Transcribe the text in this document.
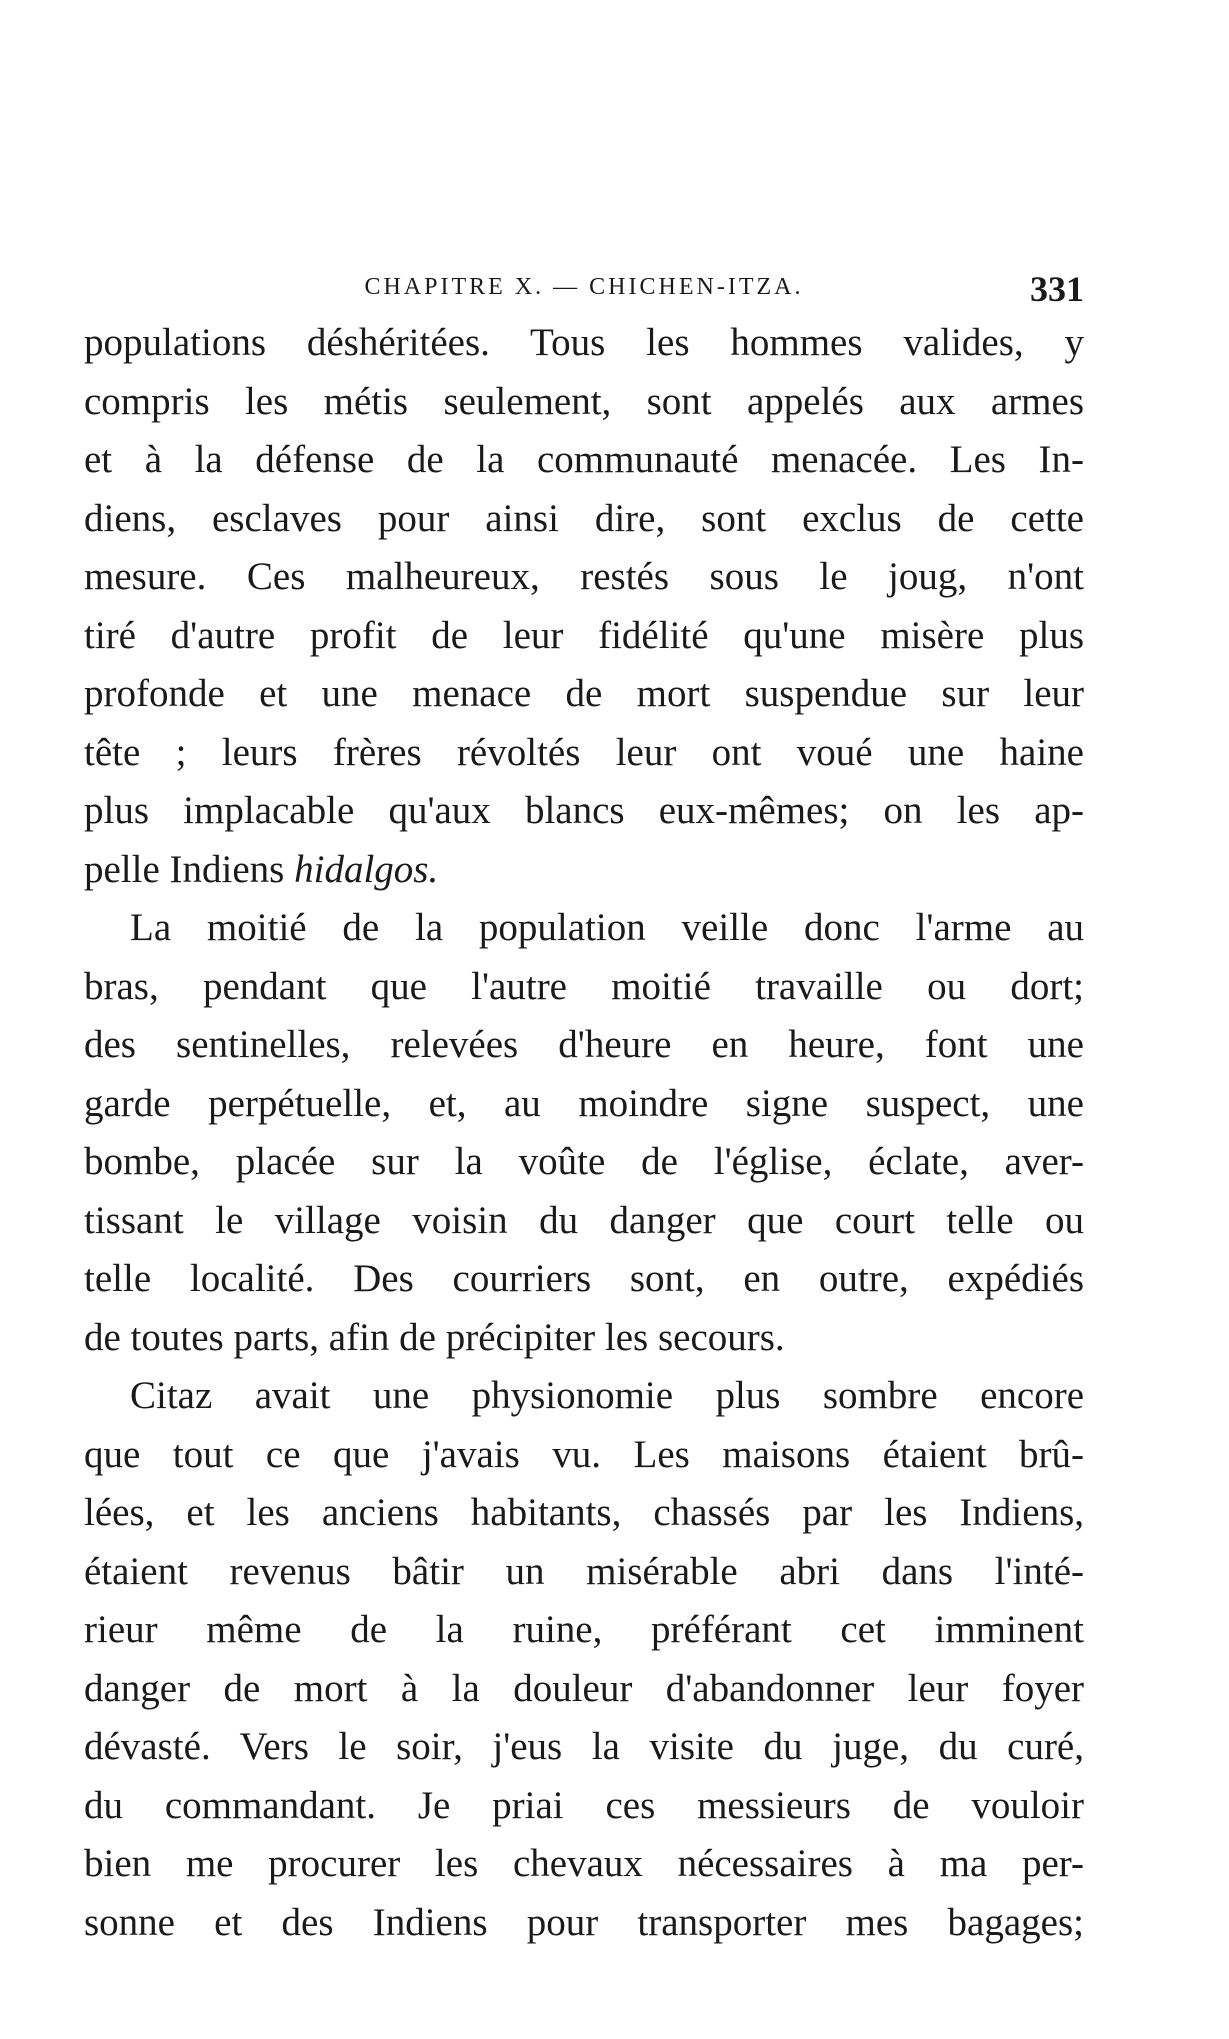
CHAPITRE X. — CHICHEN-ITZA.	331
populations déshéritées. Tous les hommes valides, y
compris les métis seulement, sont appelés aux armes
et à la défense de la communauté menacée. Les In-
diens, esclaves pour ainsi dire, sont exclus de cette
mesure. Ces malheureux, restés sous le joug, n'ont
tiré d'autre profit de leur fidélité qu'une misère plus
profonde et une menace de mort suspendue sur leur
tête ; leurs frères révoltés leur ont voué une haine
plus implacable qu'aux blancs eux-mêmes; on les ap-
pelle Indiens hidalgos.
La moitié de la population veille donc l'arme au
bras, pendant que l'autre moitié travaille ou dort;
des sentinelles, relevées d'heure en heure, font une
garde perpétuelle, et, au moindre signe suspect, une
bombe, placée sur la voûte de l'église, éclate, aver-
tissant le village voisin du danger que court telle ou
telle localité. Des courriers sont, en outre, expédiés
de toutes parts, afin de précipiter les secours.
Citaz avait une physionomie plus sombre encore
que tout ce que j'avais vu. Les maisons étaient brû-
lées, et les anciens habitants, chassés par les Indiens,
étaient revenus bâtir un misérable abri dans l'inté-
rieur même de la ruine, préférant cet imminent
danger de mort à la douleur d'abandonner leur foyer
dévasté. Vers le soir, j'eus la visite du juge, du curé,
du commandant. Je priai ces messieurs de vouloir
bien me procurer les chevaux nécessaires à ma per-
sonne et des Indiens pour transporter mes bagages;
